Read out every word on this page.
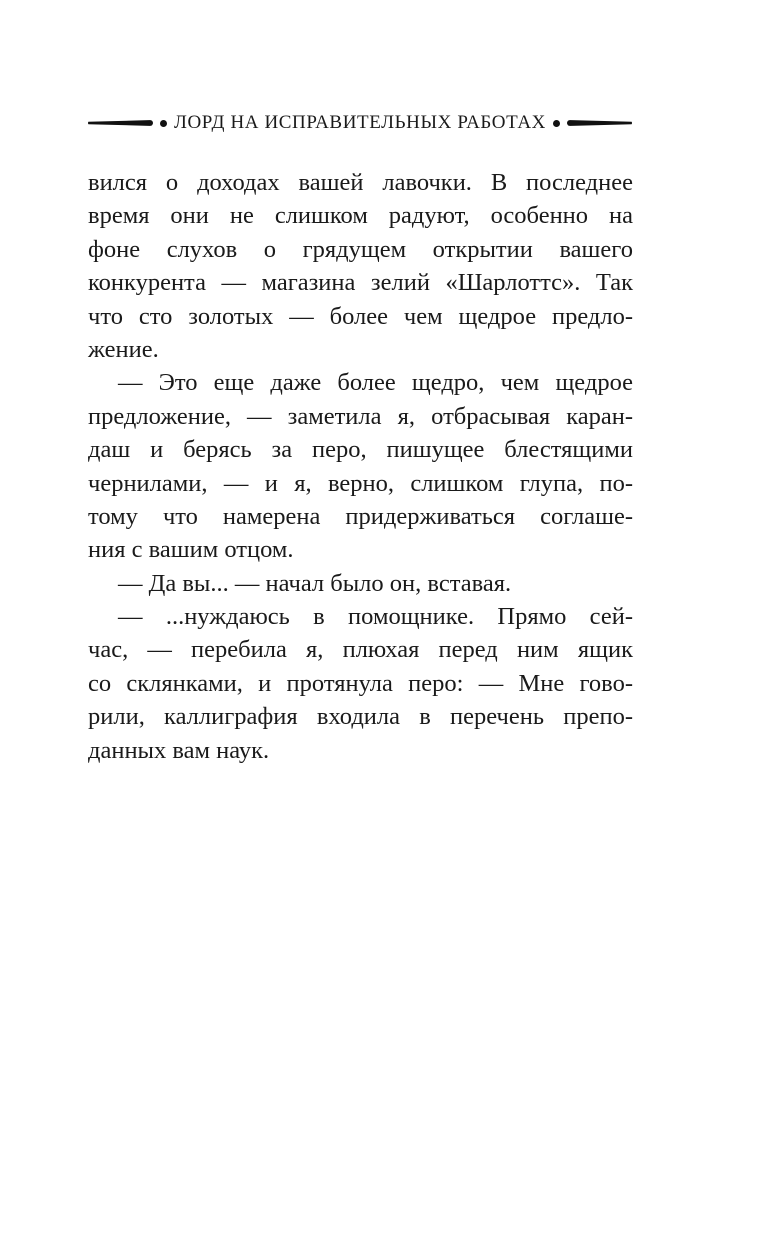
ЛОРД НА ИСПРАВИТЕЛЬНЫХ РАБОТАХ
вился о доходах вашей лавочки. В последнее
время они не слишком радуют, особенно на
фоне слухов о грядущем открытии вашего
конкурента — магазина зелий «Шарлоттс». Так
что сто золотых — более чем щедрое предло-
жение.
— Это еще даже более щедро, чем щедрое
предложение, — заметила я, отбрасывая каран-
даш и берясь за перо, пишущее блестящими
чернилами, — и я, верно, слишком глупа, по-
тому что намерена придерживаться соглаше-
ния с вашим отцом.
— Да вы... — начал было он, вставая.
— ...нуждаюсь в помощнике. Прямо сей-
час, — перебила я, плюхая перед ним ящик
со склянками, и протянула перо: — Мне гово-
рили, каллиграфия входила в перечень препо-
данных вам наук.
